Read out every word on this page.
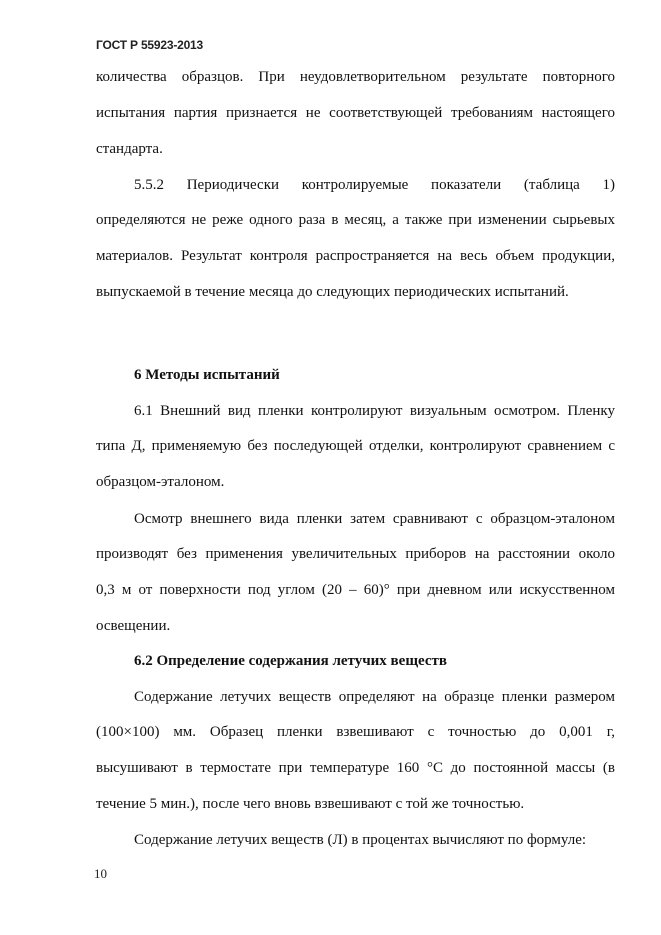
ГОСТ Р 55923-2013
количества образцов. При неудовлетворительном результате повторного
испытания партия признается не соответствующей требованиям настоящего
стандарта.
5.5.2 Периодически контролируемые показатели (таблица 1)
определяются не реже одного раза в месяц, а также при изменении сырьевых
материалов. Результат контроля распространяется на весь объем продукции,
выпускаемой в течение месяца до следующих периодических испытаний.
6 Методы испытаний
6.1 Внешний вид пленки контролируют визуальным осмотром. Пленку
типа Д, применяемую без последующей отделки, контролируют сравнением с
образцом-эталоном.
Осмотр внешнего вида пленки затем сравнивают с образцом-эталоном
производят без применения увеличительных приборов на расстоянии около
0,3 м от поверхности под углом (20 – 60)° при дневном или искусственном
освещении.
6.2 Определение содержания летучих веществ
Содержание летучих веществ определяют на образце пленки размером
(100×100) мм. Образец пленки взвешивают с точностью до 0,001 г,
высушивают в термостате при температуре 160 °С до постоянной массы (в
течение 5 мин.), после чего вновь взвешивают с той же точностью.
Содержание летучих веществ (Л) в процентах вычисляют по формуле:
10
